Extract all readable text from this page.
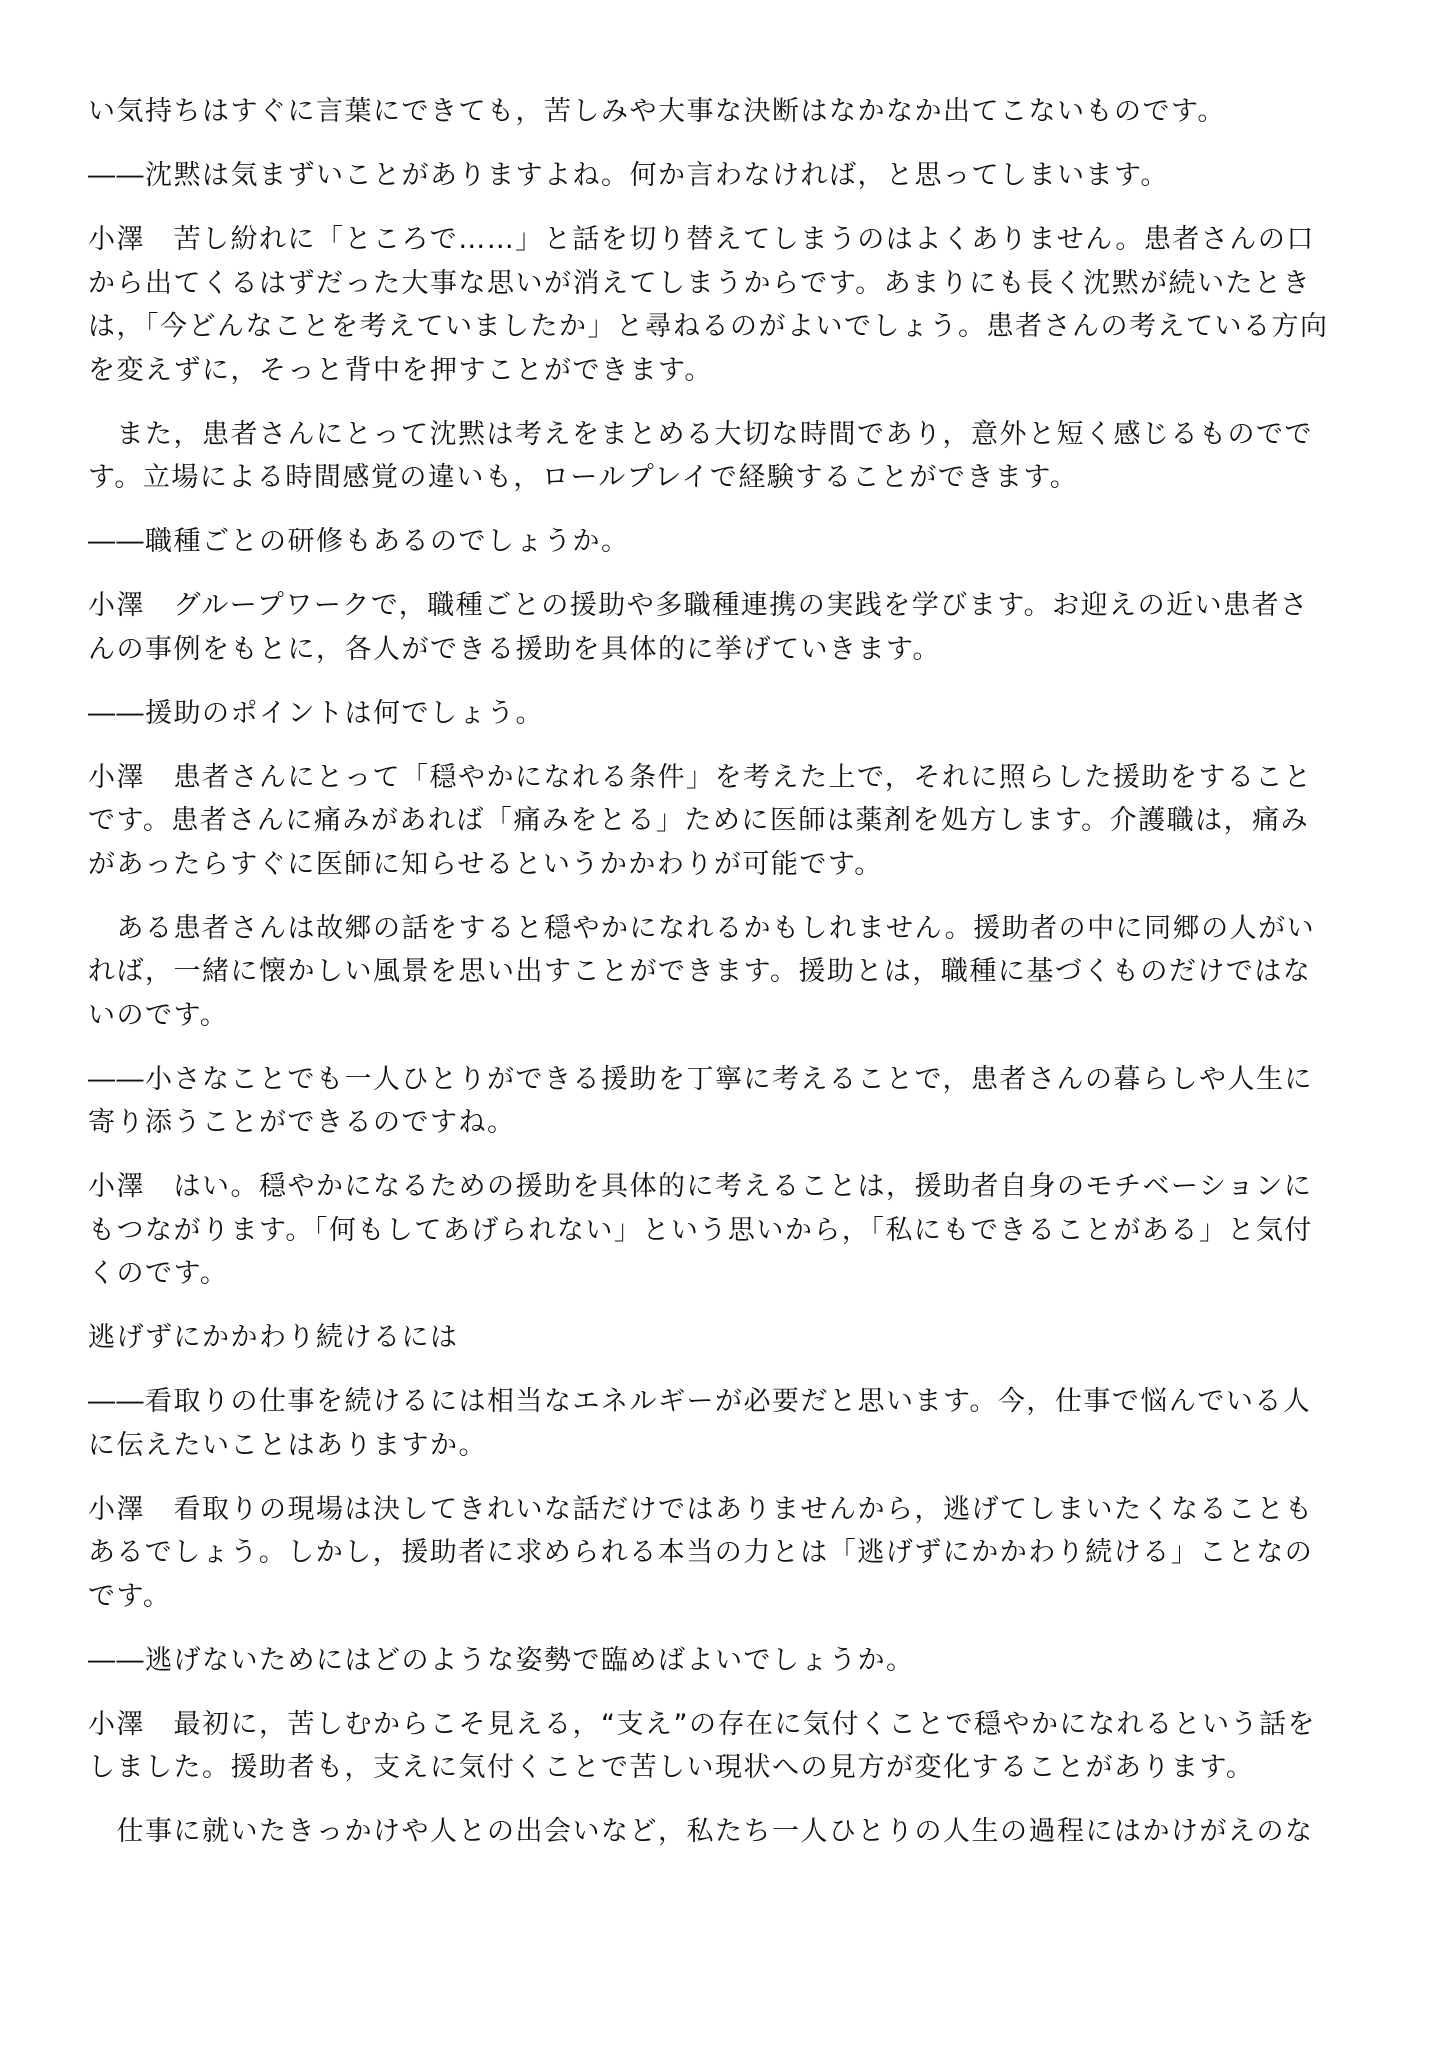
い気持ちはすぐに言葉にできても，苦しみや大事な決断はなかなか出てこないものです。
――沈黙は気まずいことがありますよね。何か言わなければ，と思ってしまいます。
小澤　苦し紛れに「ところで……」と話を切り替えてしまうのはよくありません。患者さんの口
から出てくるはずだった大事な思いが消えてしまうからです。あまりにも長く沈黙が続いたとき
は，「今どんなことを考えていましたか」と尋ねるのがよいでしょう。患者さんの考えている方向
を変えずに，そっと背中を押すことができます。
　また，患者さんにとって沈黙は考えをまとめる大切な時間であり，意外と短く感じるものでで
す。立場による時間感覚の違いも，ロールプレイで経験することができます。
――職種ごとの研修もあるのでしょうか。
小澤　グループワークで，職種ごとの援助や多職種連携の実践を学びます。お迎えの近い患者さ
んの事例をもとに，各人ができる援助を具体的に挙げていきます。
――援助のポイントは何でしょう。
小澤　患者さんにとって「穏やかになれる条件」を考えた上で，それに照らした援助をすること
です。患者さんに痛みがあれば「痛みをとる」ために医師は薬剤を処方します。介護職は，痛み
があったらすぐに医師に知らせるというかかわりが可能です。
　ある患者さんは故郷の話をすると穏やかになれるかもしれません。援助者の中に同郷の人がい
れば，一緒に懐かしい風景を思い出すことができます。援助とは，職種に基づくものだけではな
いのです。
――小さなことでも一人ひとりができる援助を丁寧に考えることで，患者さんの暮らしや人生に
寄り添うことができるのですね。
小澤　はい。穏やかになるための援助を具体的に考えることは，援助者自身のモチベーションに
もつながります。「何もしてあげられない」という思いから，「私にもできることがある」と気付
くのです。
逃げずにかかわり続けるには
――看取りの仕事を続けるには相当なエネルギーが必要だと思います。今，仕事で悩んでいる人
に伝えたいことはありますか。
小澤　看取りの現場は決してきれいな話だけではありませんから，逃げてしまいたくなることも
あるでしょう。しかし，援助者に求められる本当の力とは「逃げずにかかわり続ける」ことなの
です。
――逃げないためにはどのような姿勢で臨めばよいでしょうか。
小澤　最初に，苦しむからこそ見える，“支え”の存在に気付くことで穏やかになれるという話を
しました。援助者も，支えに気付くことで苦しい現状への見方が変化することがあります。
　仕事に就いたきっかけや人との出会いなど，私たち一人ひとりの人生の過程にはかけがえのな
